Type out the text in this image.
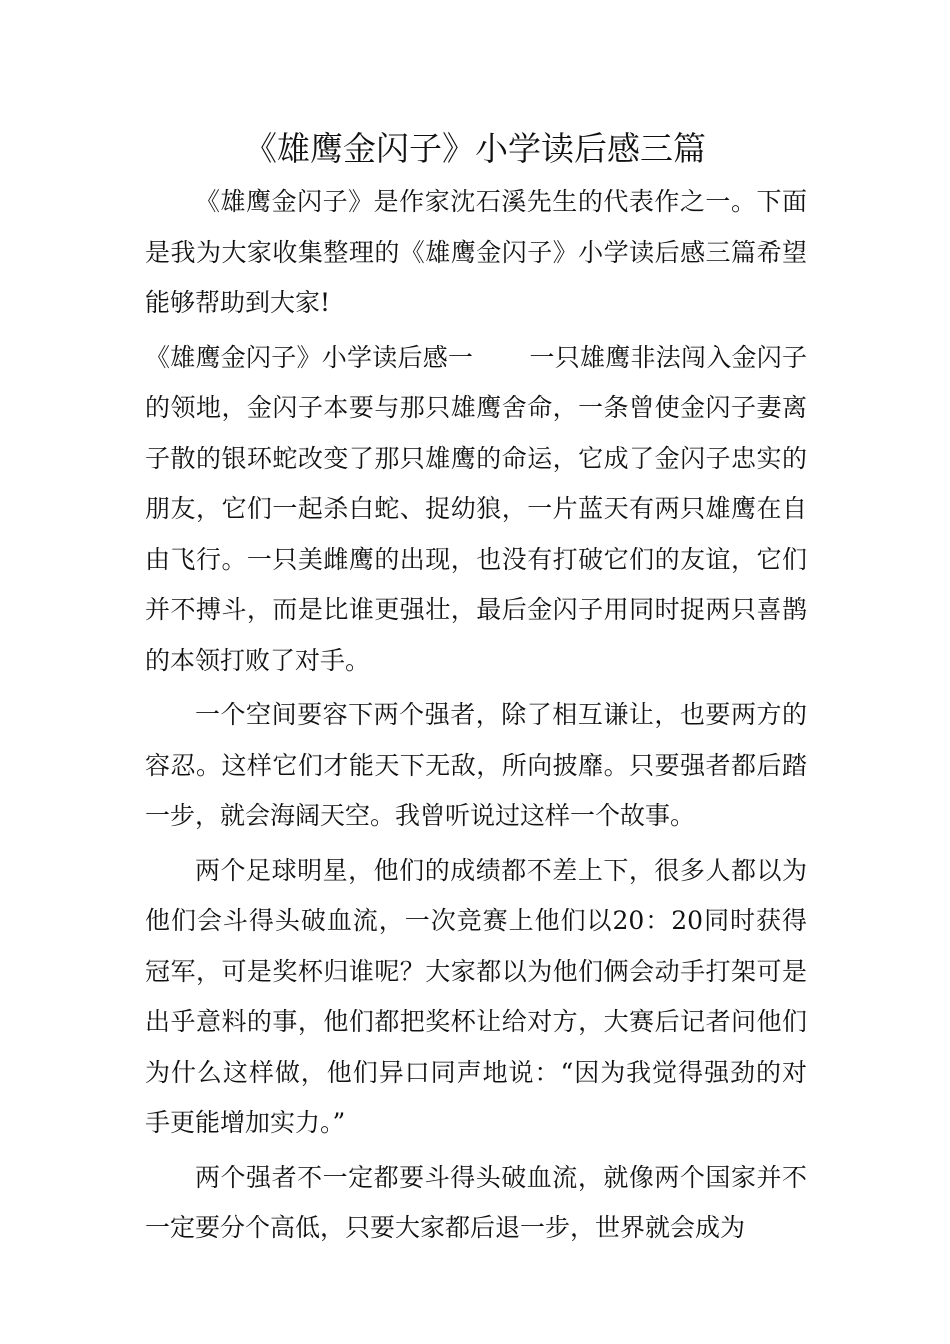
《雄鹰金闪子》小学读后感三篇

《雄鹰金闪子》是作家沈石溪先生的代表作之一。下面是我为大家收集整理的《雄鹰金闪子》小学读后感三篇希望能够帮助到大家!

《雄鹰金闪子》小学读后感一 一只雄鹰非法闯入金闪子的领地，金闪子本要与那只雄鹰舍命，一条曾使金闪子妻离子散的银环蛇改变了那只雄鹰的命运，它成了金闪子忠实的朋友，它们一起杀白蛇、捉幼狼，一片蓝天有两只雄鹰在自由飞行。一只美雌鹰的出现，也没有打破它们的友谊，它们并不搏斗，而是比谁更强壮，最后金闪子用同时捉两只喜鹊的本领打败了对手。

一个空间要容下两个强者，除了相互谦让，也要两方的容忍。这样它们才能天下无敌，所向披靡。只要强者都后踏一步，就会海阔天空。我曾听说过这样一个故事。

两个足球明星，他们的成绩都不差上下，很多人都以为他们会斗得头破血流，一次竞赛上他们以20：20同时获得冠军，可是奖杯归谁呢？大家都以为他们俩会动手打架可是出乎意料的事，他们都把奖杯让给对方，大赛后记者问他们为什么这样做，他们异口同声地说：“因为我觉得强劲的对手更能增加实力。”

两个强者不一定都要斗得头破血流，就像两个国家并不一定要分个高低，只要大家都后退一步，世界就会成为
